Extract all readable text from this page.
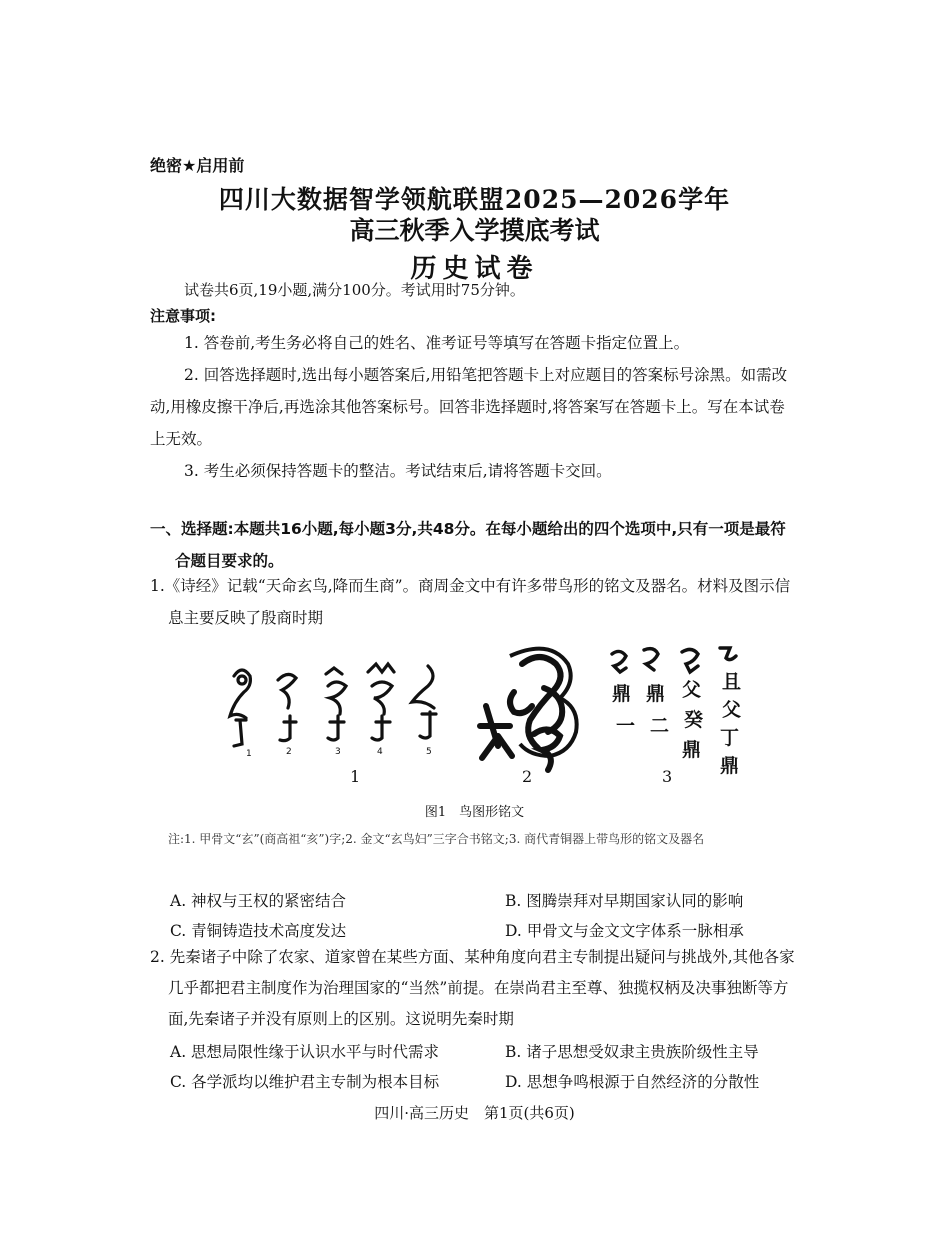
绝密★启用前
四川大数据智学领航联盟2025—2026学年
高三秋季入学摸底考试
历史试卷
试卷共6页,19小题,满分100分。考试用时75分钟。
注意事项:
1. 答卷前,考生务必将自己的姓名、准考证号等填写在答题卡指定位置上。
2. 回答选择题时,选出每小题答案后,用铅笔把答题卡上对应题目的答案标号涂黑。如需改动,用橡皮擦干净后,再选涂其他答案标号。回答非选择题时,将答案写在答题卡上。写在本试卷上无效。
3. 考生必须保持答题卡的整洁。考试结束后,请将答题卡交回。
一、选择题:本题共16小题,每小题3分,共48分。在每小题给出的四个选项中,只有一项是最符合题目要求的。
1.《诗经》记载“天命玄鸟,降而生商”。商周金文中有许多带鸟形的铭文及器名。材料及图示信息主要反映了殷商时期
1	2	3	4	5
鼎
一
鼎
二
父
癸
鼎
且
父
丁
鼎
1	2	3
图1　鸟图形铭文
注:1. 甲骨文“玄”(商高祖“亥”)字;2. 金文“玄鸟妇”三字合书铭文;3. 商代青铜器上带鸟形的铭文及器名
A. 神权与王权的紧密结合	B. 图腾崇拜对早期国家认同的影响
C. 青铜铸造技术高度发达	D. 甲骨文与金文文字体系一脉相承
2. 先秦诸子中除了农家、道家曾在某些方面、某种角度向君主专制提出疑问与挑战外,其他各家几乎都把君主制度作为治理国家的“当然”前提。在崇尚君主至尊、独揽权柄及决事独断等方面,先秦诸子并没有原则上的区别。这说明先秦时期
A. 思想局限性缘于认识水平与时代需求	B. 诸子思想受奴隶主贵族阶级性主导
C. 各学派均以维护君主专制为根本目标	D. 思想争鸣根源于自然经济的分散性
四川·高三历史　第1页(共6页)
